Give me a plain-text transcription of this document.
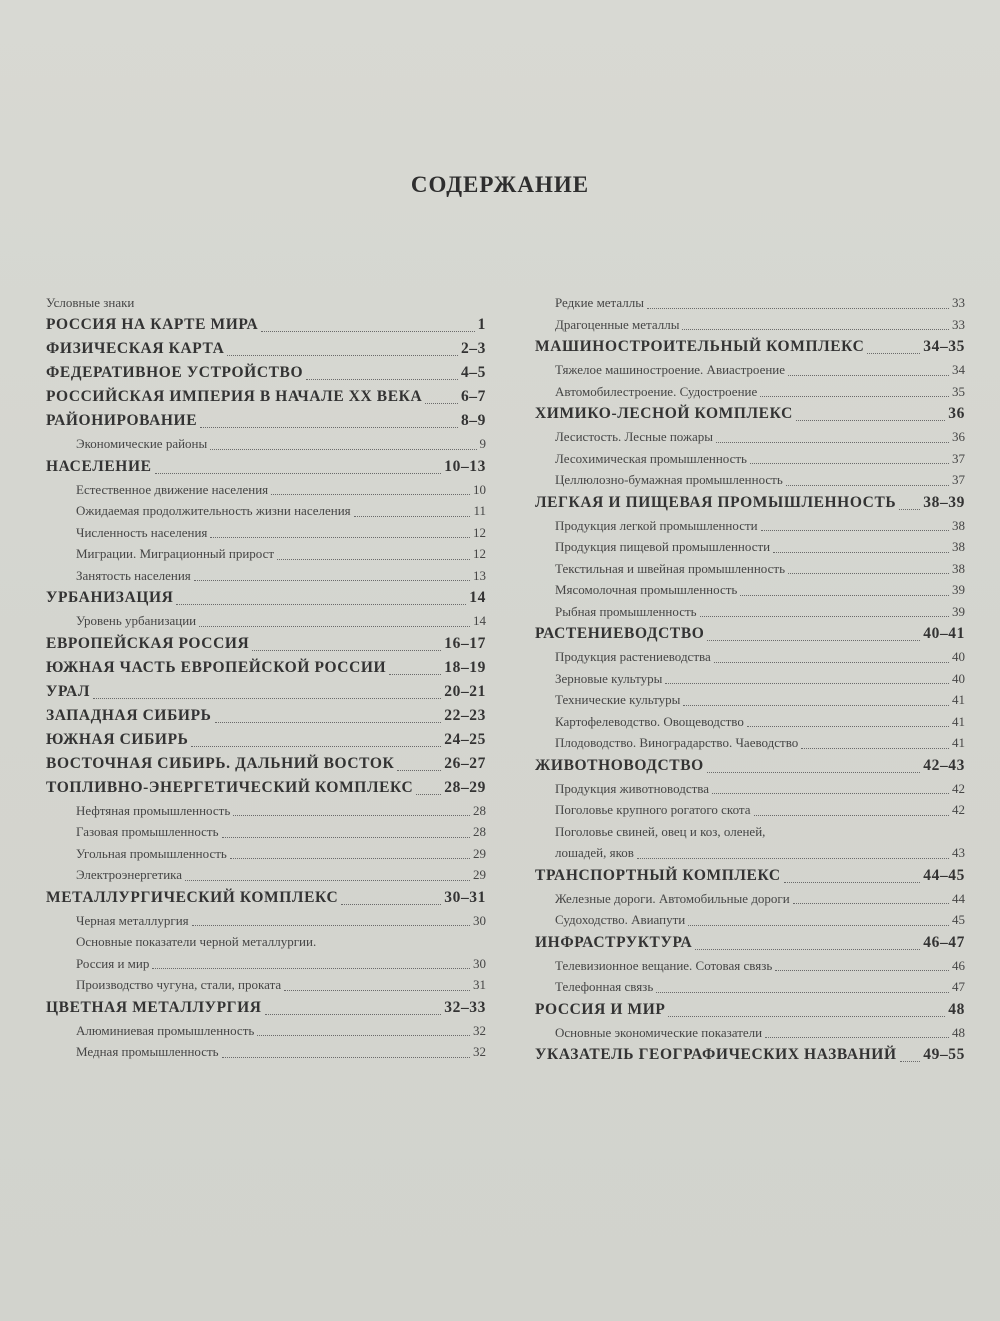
СОДЕРЖАНИЕ
Условные знаки
РОССИЯ НА КАРТЕ МИРА	1
ФИЗИЧЕСКАЯ КАРТА	2–3
ФЕДЕРАТИВНОЕ УСТРОЙСТВО	4–5
РОССИЙСКАЯ ИМПЕРИЯ В НАЧАЛЕ XX ВЕКА 6–7
РАЙОНИРОВАНИЕ	8–9
Экономические районы	9
НАСЕЛЕНИЕ	10–13
Естественное движение населения	10
Ожидаемая продолжительность жизни населения	11
Численность населения	12
Миграции. Миграционный прирост	12
Занятость населения	13
УРБАНИЗАЦИЯ	14
Уровень урбанизации	14
ЕВРОПЕЙСКАЯ РОССИЯ	16–17
ЮЖНАЯ ЧАСТЬ ЕВРОПЕЙСКОЙ РОССИИ	18–19
УРАЛ	20–21
ЗАПАДНАЯ СИБИРЬ	22–23
ЮЖНАЯ СИБИРЬ	24–25
ВОСТОЧНАЯ СИБИРЬ. ДАЛЬНИЙ ВОСТОК	26–27
ТОПЛИВНО-ЭНЕРГЕТИЧЕСКИЙ КОМПЛЕКС 28–29
Нефтяная промышленность	28
Газовая промышленность	28
Угольная промышленность	29
Электроэнергетика	29
МЕТАЛЛУРГИЧЕСКИЙ КОМПЛЕКС	30–31
Черная металлургия	30
Основные показатели черной металлургии.
Россия и мир	30
Производство чугуна, стали, проката	31
ЦВЕТНАЯ МЕТАЛЛУРГИЯ	32–33
Алюминиевая промышленность	32
Медная промышленность	32
Редкие металлы	33
Драгоценные металлы	33
МАШИНОСТРОИТЕЛЬНЫЙ КОМПЛЕКС	34–35
Тяжелое машиностроение. Авиастроение	34
Автомобилестроение. Судостроение	35
ХИМИКО-ЛЕСНОЙ КОМПЛЕКС	36
Лесистость. Лесные пожары	36
Лесохимическая промышленность	37
Целлюлозно-бумажная промышленность	37
ЛЕГКАЯ И ПИЩЕВАЯ ПРОМЫШЛЕННОСТЬ 38–39
Продукция легкой промышленности	38
Продукция пищевой промышленности	38
Текстильная и швейная промышленность	38
Мясомолочная промышленность	39
Рыбная промышленность	39
РАСТЕНИЕВОДСТВО	40–41
Продукция растениеводства	40
Зерновые культуры	40
Технические культуры	41
Картофелеводство. Овощеводство	41
Плодоводство. Виноградарство. Чаеводство	41
ЖИВОТНОВОДСТВО	42–43
Продукция животноводства	42
Поголовье крупного рогатого скота	42
Поголовье свиней, овец и коз, оленей,
лошадей, яков	43
ТРАНСПОРТНЫЙ КОМПЛЕКС	44–45
Железные дороги. Автомобильные дороги	44
Судоходство. Авиапути	45
ИНФРАСТРУКТУРА	46–47
Телевизионное вещание. Сотовая связь	46
Телефонная связь	47
РОССИЯ И МИР	48
Основные экономические показатели	48
УКАЗАТЕЛЬ ГЕОГРАФИЧЕСКИХ НАЗВАНИЙ 49–55
